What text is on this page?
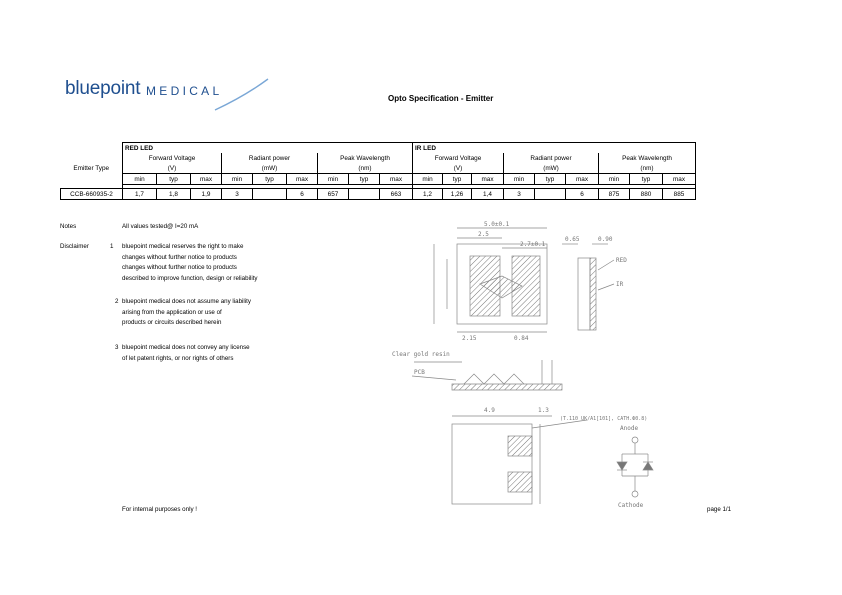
bluepoint MEDICAL
Opto Specification - Emitter
	RED LED									IR LED								
	Forward Voltage			Radiant power			Peak Wavelength			Forward Voltage			Radiant power			Peak Wavelength		
Emitter Type	(V)			(mW)			(nm)			(V)			(mW)			(nm)		
	min	typ	max	min	typ	max	min	typ	max	min	typ	max	min	typ	max	min	typ	max

CCB-660935-2	1,7	1,8	1,9	3		6	657		663	1,2	1,26	1,4	3		6	875	880	885
Notes	All values tested@ I=20 mA
Disclaimer	1 bluepoint medical reserves the right to make
changes without further notice to products
changes without further notice to products
described to improve function, design or reliability
2 bluepoint medical does not assume any liability
arising from the application or use of
products or circuits described herein
3 bluepoint medical does not convey any license
of let patent rights, or nor rights of others
5.0±0.1
2.5
2.7±0.1
0.65	0.90
RED
IR
2.15	0.84
Clear gold resin
PCB
4.9	1.3
(T.110 UK/A1[101], CATH.Ф0.8)
Anode
Cathode
For internal purposes only !	page 1/1
